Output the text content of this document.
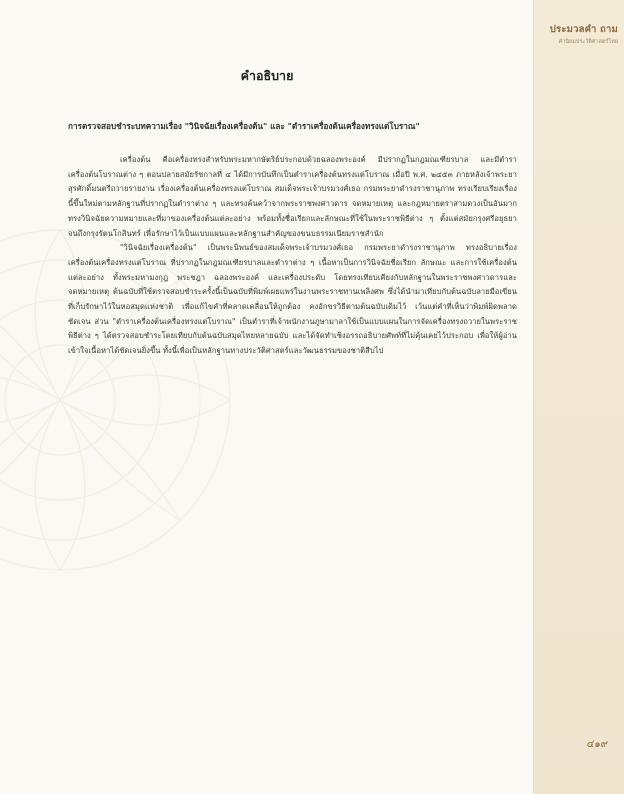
คำอธิบาย
การตรวจสอบชำระบทความเรื่อง "วินิจฉัยเรื่องเครื่องต้น" และ "ตำราเครื่องต้นเครื่องทรงแต่โบราณ"

เครื่องต้น คือเครื่องทรงสำหรับพระมหากษัตริย์ประกอบด้วยฉลองพระองค์ มีปรากฏในกฎมณเฑียรบาล และมีตำราเครื่องต้นโบราณต่าง ๆ ตอนปลายสมัยรัชกาลที่ ๔ ได้มีการบันทึกเป็นตำราเครื่องต้นทรงแต่โบราณ เมื่อปี พ.ศ. ๒๔๕๓ ภายหลังเจ้าพระยาสุรศักดิ์มนตรีถวายรายงาน เรื่องเครื่องต้นเครื่องทรงแต่โบราณ สมเด็จพระเจ้าบรมวงศ์เธอ กรมพระยาดำรงราชานุภาพ ทรงเรียบเรียงเรื่องนี้ขึ้นใหม่ตามหลักฐานที่ปรากฏในตำราต่าง ๆ และทรงค้นคว้าจากพระราชพงศาวดาร จดหมายเหตุ และกฎหมายตราสามดวงเป็นอันมาก ทรงวินิจฉัยความหมายและที่มาของเครื่องต้นแต่ละอย่าง พร้อมทั้งชื่อเรียกและลักษณะที่ใช้ในพระราชพิธีต่าง ๆ ตั้งแต่สมัยกรุงศรีอยุธยาจนถึงกรุงรัตนโกสินทร์ เพื่อรักษาไว้เป็นแบบแผนและหลักฐานสำคัญของขนบธรรมเนียมราชสำนัก

"วินิจฉัยเรื่องเครื่องต้น" เป็นพระนิพนธ์ของสมเด็จพระเจ้าบรมวงศ์เธอ กรมพระยาดำรงราชานุภาพ ทรงอธิบายเรื่องเครื่องต้นเครื่องทรงแต่โบราณ ที่ปรากฏในกฎมณเฑียรบาลและตำราต่าง ๆ เนื้อหาเป็นการวินิจฉัยชื่อเรียก ลักษณะ และการใช้เครื่องต้นแต่ละอย่าง ทั้งพระมหามงกุฎ พระชฎา ฉลองพระองค์ และเครื่องประดับ โดยทรงเทียบเคียงกับหลักฐานในพระราชพงศาวดารและจดหมายเหตุ ต้นฉบับที่ใช้ตรวจสอบชำระครั้งนี้เป็นฉบับที่พิมพ์เผยแพร่ในงานพระราชทานเพลิงศพ ซึ่งได้นำมาเทียบกับต้นฉบับลายมือเขียนที่เก็บรักษาไว้ในหอสมุดแห่งชาติ เพื่อแก้ไขคำที่คลาดเคลื่อนให้ถูกต้อง คงอักขรวิธีตามต้นฉบับเดิมไว้ เว้นแต่คำที่เห็นว่าพิมพ์ผิดพลาดชัดเจน ส่วน "ตำราเครื่องต้นเครื่องทรงแต่โบราณ" เป็นตำราที่เจ้าพนักงานภูษามาลาใช้เป็นแบบแผนในการจัดเครื่องทรงถวายในพระราชพิธีต่าง ๆ ได้ตรวจสอบชำระโดยเทียบกับต้นฉบับสมุดไทยหลายฉบับ และได้จัดทำเชิงอรรถอธิบายศัพท์ที่ไม่คุ้นเคยไว้ประกอบ เพื่อให้ผู้อ่านเข้าใจเนื้อหาได้ชัดเจนยิ่งขึ้น ทั้งนี้เพื่อเป็นหลักฐานทางประวัติศาสตร์และวัฒนธรรมของชาติสืบไป

ประมวลคำ ถาม
คำนิยมประวัติศาสตร์ไทย
๔๑๙
